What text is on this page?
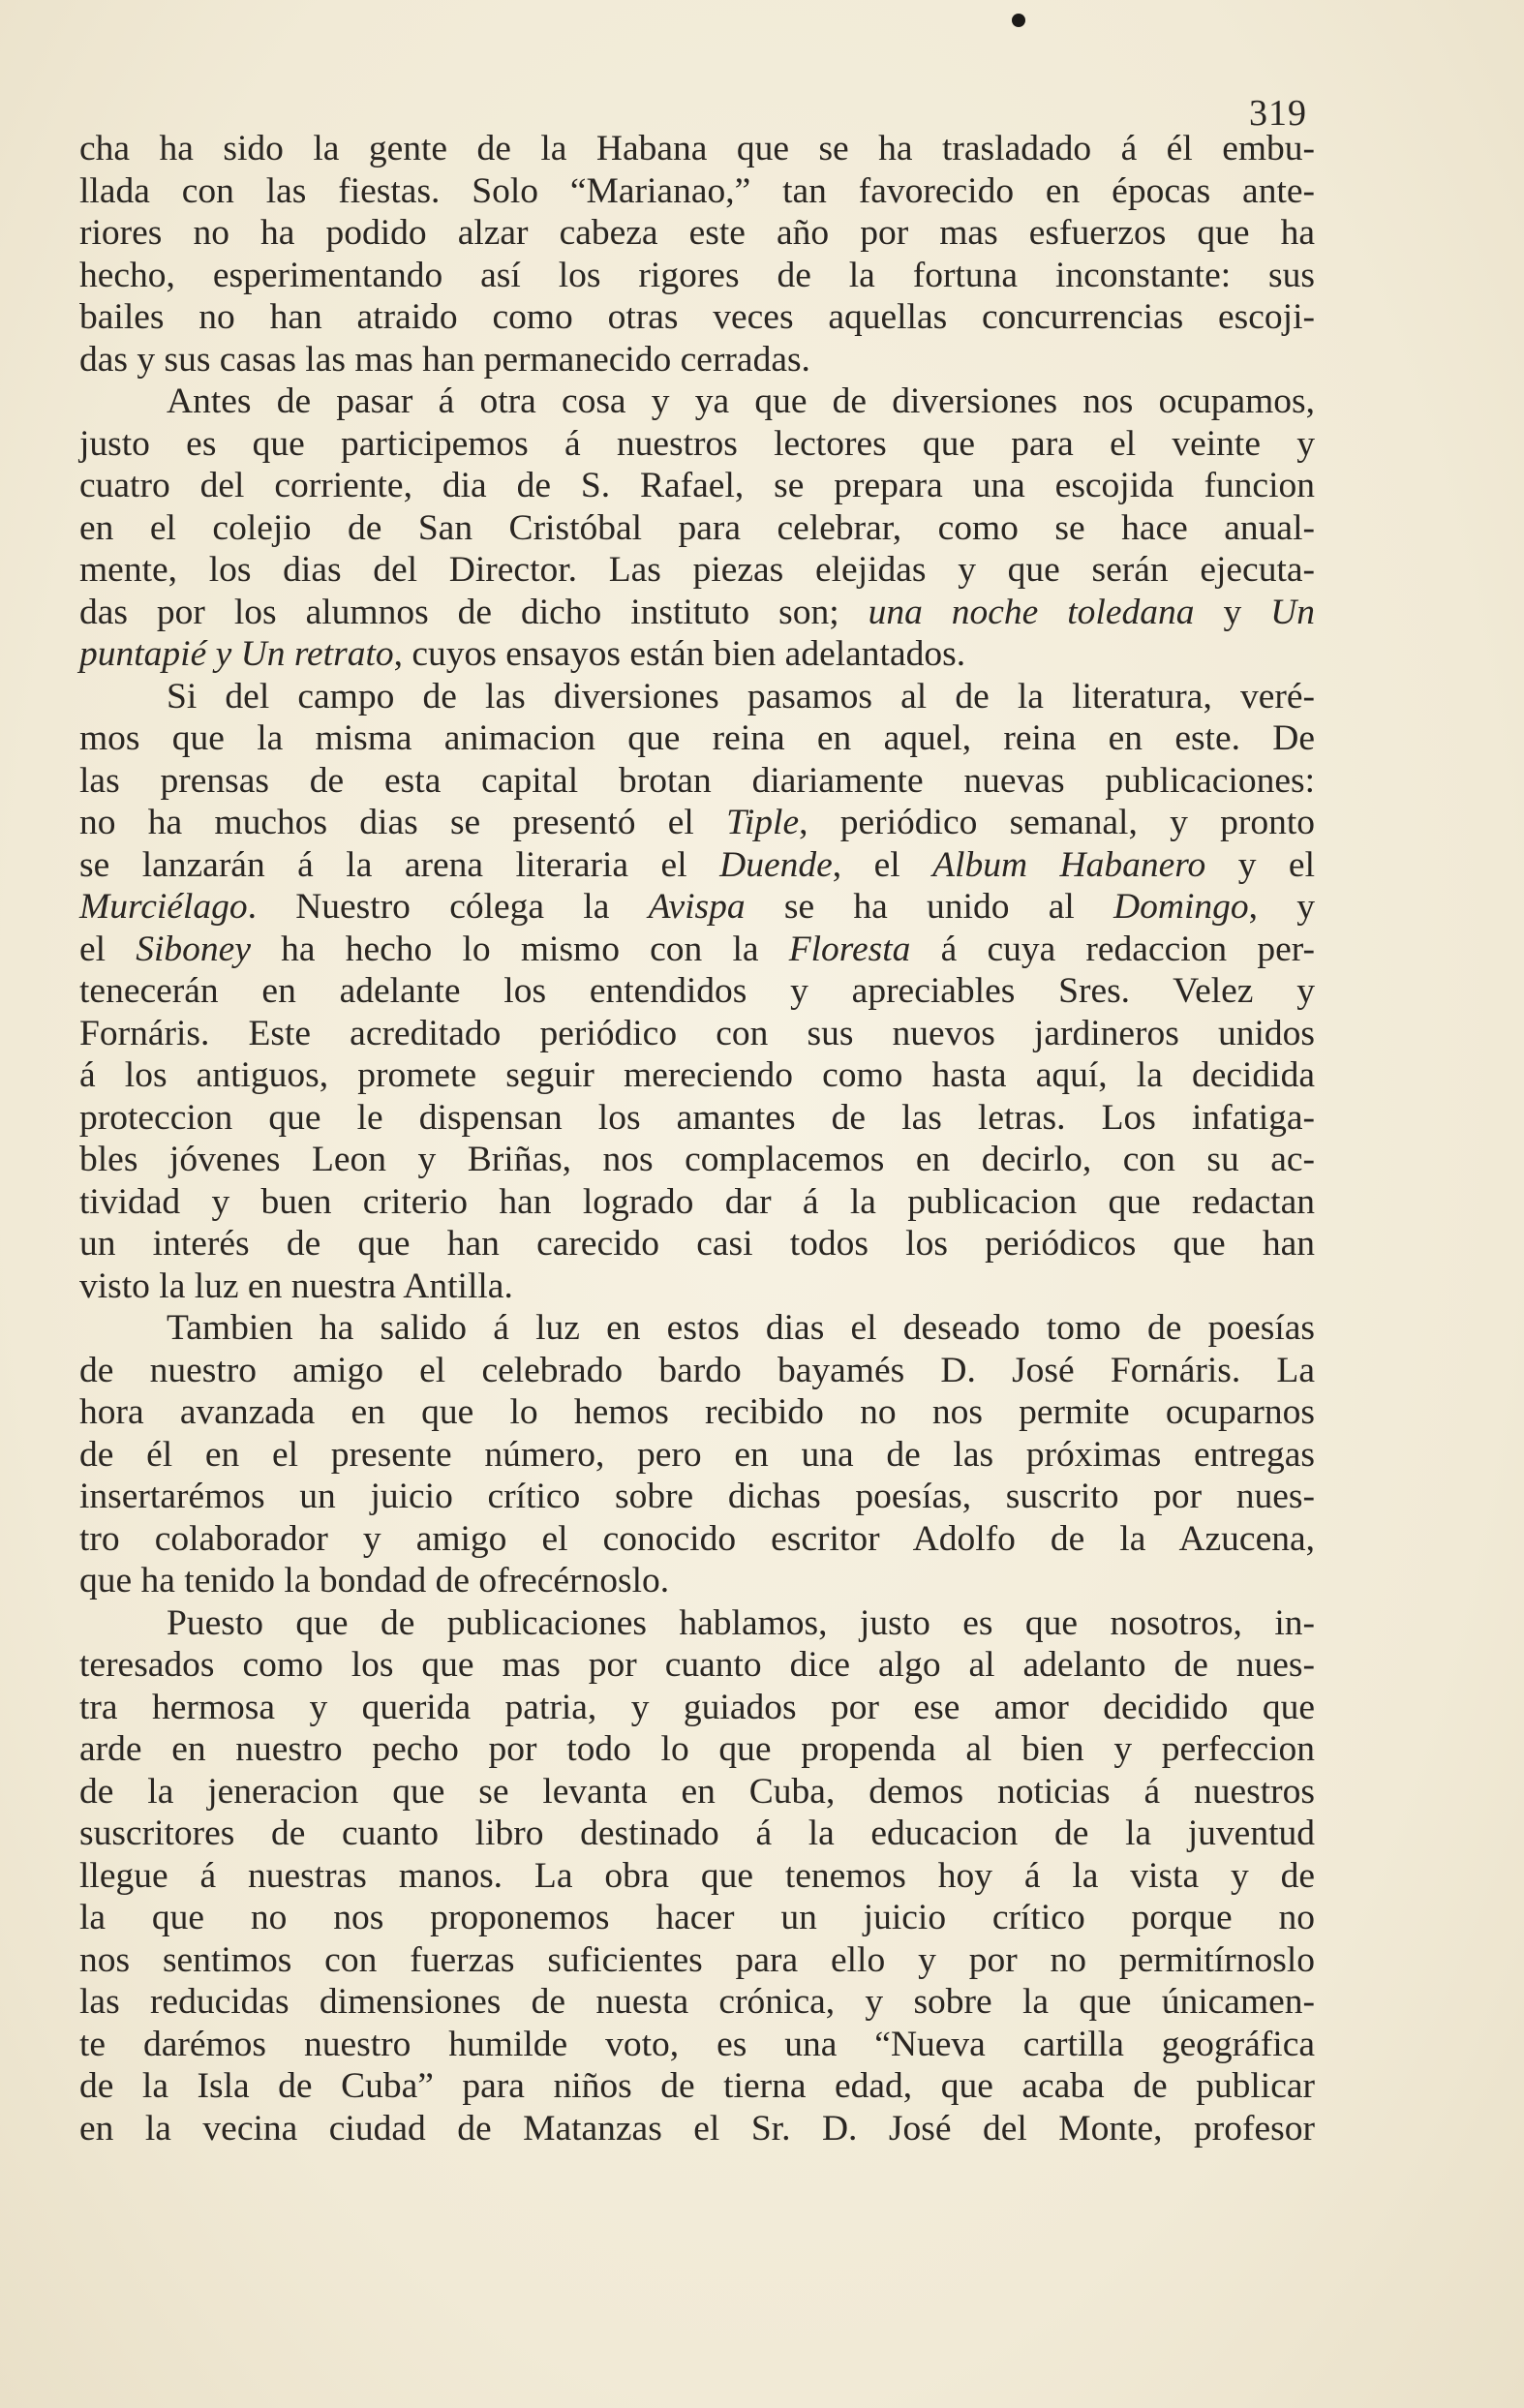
319
cha ha sido la gente de la Habana que se ha trasladado á él embu-
llada con las fiestas. Solo “Marianao,” tan favorecido en épocas ante-
riores no ha podido alzar cabeza este año por mas esfuerzos que ha
hecho, esperimentando así los rigores de la fortuna inconstante: sus
bailes no han atraido como otras veces aquellas concurrencias escoji-
das y sus casas las mas han permanecido cerradas.
Antes de pasar á otra cosa y ya que de diversiones nos ocupamos,
justo es que participemos á nuestros lectores que para el veinte y
cuatro del corriente, dia de S. Rafael, se prepara una escojida funcion
en el colejio de San Cristóbal para celebrar, como se hace anual-
mente, los dias del Director. Las piezas elejidas y que serán ejecuta-
das por los alumnos de dicho instituto son; una noche toledana y Un
puntapié y Un retrato, cuyos ensayos están bien adelantados.
Si del campo de las diversiones pasamos al de la literatura, veré-
mos que la misma animacion que reina en aquel, reina en este. De
las prensas de esta capital brotan diariamente nuevas publicaciones:
no ha muchos dias se presentó el Tiple, periódico semanal, y pronto
se lanzarán á la arena literaria el Duende, el Album Habanero y el
Murciélago. Nuestro cólega la Avispa se ha unido al Domingo, y
el Siboney ha hecho lo mismo con la Floresta á cuya redaccion per-
tenecerán en adelante los entendidos y apreciables Sres. Velez y
Fornáris. Este acreditado periódico con sus nuevos jardineros unidos
á los antiguos, promete seguir mereciendo como hasta aquí, la decidida
proteccion que le dispensan los amantes de las letras. Los infatiga-
bles jóvenes Leon y Briñas, nos complacemos en decirlo, con su ac-
tividad y buen criterio han logrado dar á la publicacion que redactan
un interés de que han carecido casi todos los periódicos que han
visto la luz en nuestra Antilla.
Tambien ha salido á luz en estos dias el deseado tomo de poesías
de nuestro amigo el celebrado bardo bayamés D. José Fornáris. La
hora avanzada en que lo hemos recibido no nos permite ocuparnos
de él en el presente número, pero en una de las próximas entregas
insertarémos un juicio crítico sobre dichas poesías, suscrito por nues-
tro colaborador y amigo el conocido escritor Adolfo de la Azucena,
que ha tenido la bondad de ofrecérnoslo.
Puesto que de publicaciones hablamos, justo es que nosotros, in-
teresados como los que mas por cuanto dice algo al adelanto de nues-
tra hermosa y querida patria, y guiados por ese amor decidido que
arde en nuestro pecho por todo lo que propenda al bien y perfeccion
de la jeneracion que se levanta en Cuba, demos noticias á nuestros
suscritores de cuanto libro destinado á la educacion de la juventud
llegue á nuestras manos. La obra que tenemos hoy á la vista y de
la que no nos proponemos hacer un juicio crítico porque no
nos sentimos con fuerzas suficientes para ello y por no permitírnoslo
las reducidas dimensiones de nuesta crónica, y sobre la que únicamen-
te darémos nuestro humilde voto, es una “Nueva cartilla geográfica
de la Isla de Cuba” para niños de tierna edad, que acaba de publicar
en la vecina ciudad de Matanzas el Sr. D. José del Monte, profesor
